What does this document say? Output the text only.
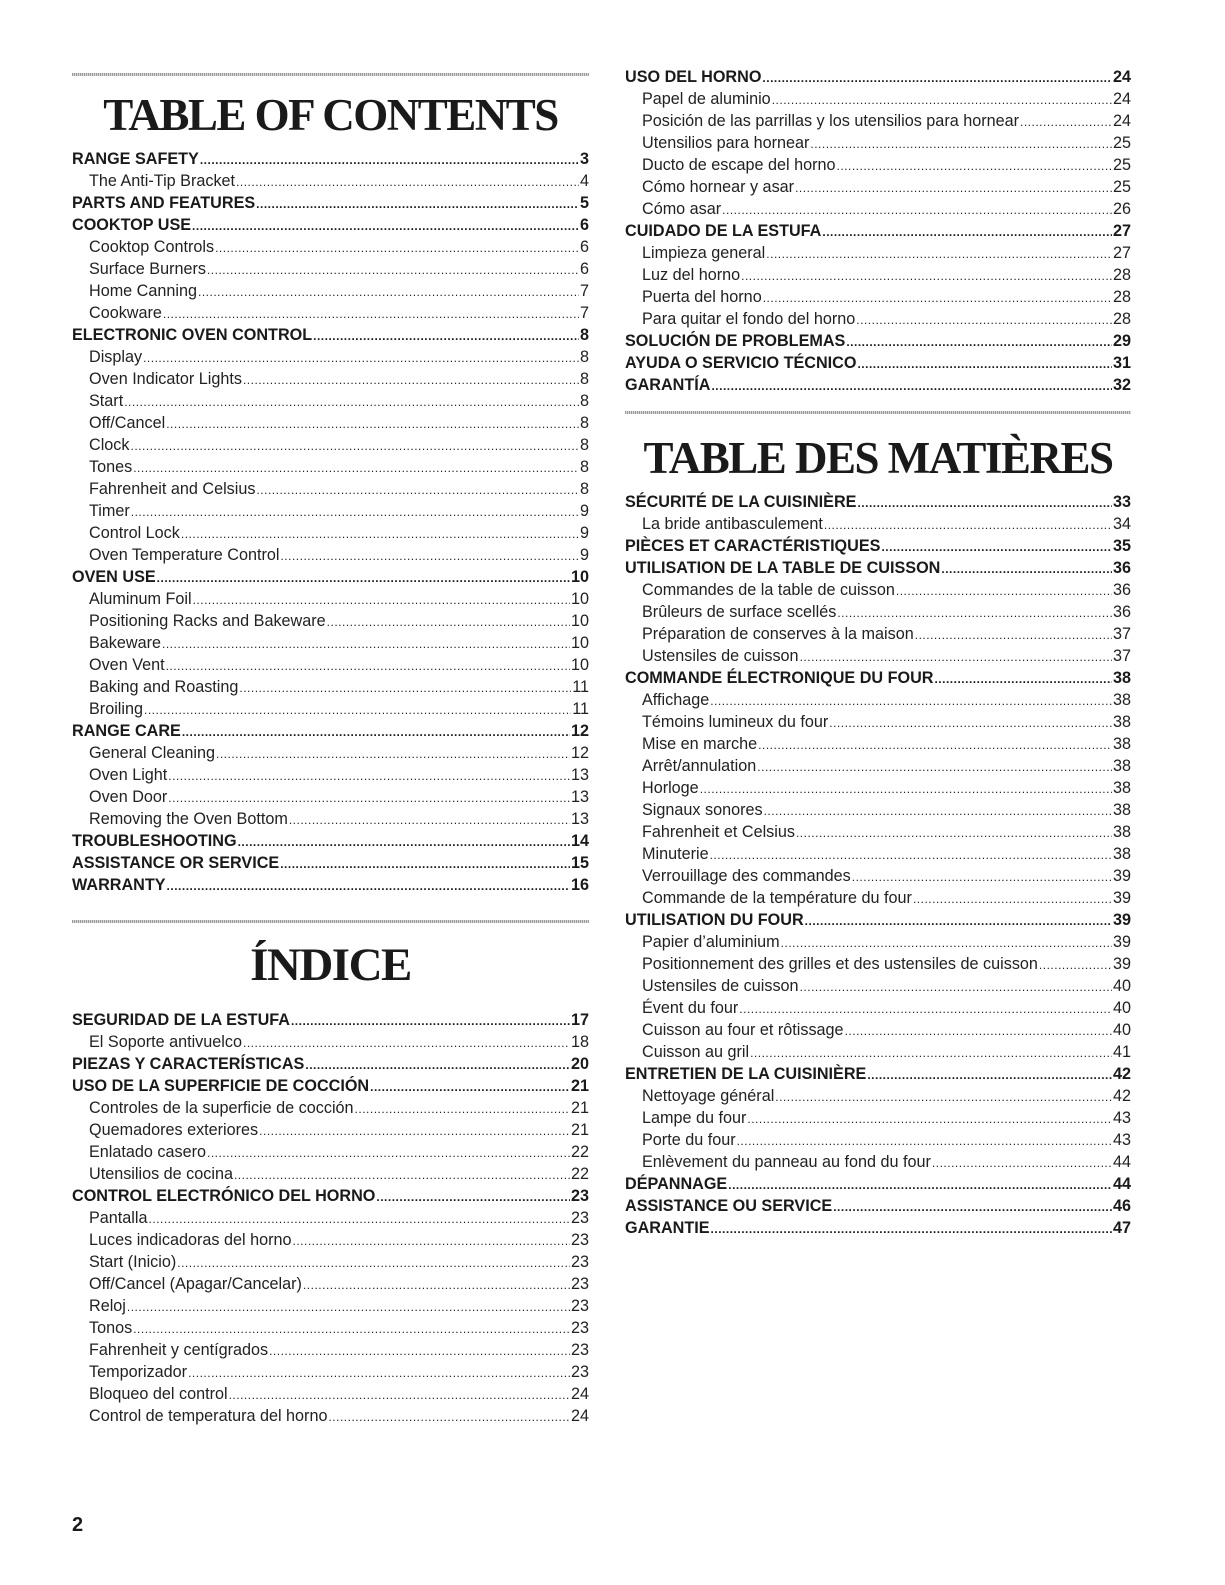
TABLE OF CONTENTS
RANGE SAFETY .....	3
The Anti-Tip Bracket .....	4
PARTS AND FEATURES .....	5
COOKTOP USE .....	6
Cooktop Controls .....	6
Surface Burners .....	6
Home Canning .....	7
Cookware .....	7
ELECTRONIC OVEN CONTROL .....	8
Display .....	8
Oven Indicator Lights .....	8
Start .....	8
Off/Cancel .....	8
Clock .....	8
Tones .....	8
Fahrenheit and Celsius .....	8
Timer .....	9
Control Lock .....	9
Oven Temperature Control .....	9
OVEN USE .....	10
Aluminum Foil .....	10
Positioning Racks and Bakeware .....	10
Bakeware .....	10
Oven Vent .....	10
Baking and Roasting .....	11
Broiling .....	11
RANGE CARE .....	12
General Cleaning .....	12
Oven Light .....	13
Oven Door .....	13
Removing the Oven Bottom .....	13
TROUBLESHOOTING .....	14
ASSISTANCE OR SERVICE .....	15
WARRANTY .....	16
ÍNDICE
SEGURIDAD DE LA ESTUFA .....	17
El Soporte antivuelco .....	18
PIEZAS Y CARACTERÍSTICAS .....	20
USO DE LA SUPERFICIE DE COCCIÓN .....	21
Controles de la superficie de cocción .....	21
Quemadores exteriores .....	21
Enlatado casero .....	22
Utensilios de cocina .....	22
CONTROL ELECTRÓNICO DEL HORNO .....	23
Pantalla .....	23
Luces indicadoras del horno .....	23
Start (Inicio) .....	23
Off/Cancel (Apagar/Cancelar) .....	23
Reloj .....	23
Tonos .....	23
Fahrenheit y centígrados .....	23
Temporizador .....	23
Bloqueo del control .....	24
Control de temperatura del horno .....	24
USO DEL HORNO .....	24
Papel de aluminio .....	24
Posición de las parrillas y los utensilios para hornear .....	24
Utensilios para hornear .....	25
Ducto de escape del horno .....	25
Cómo hornear y asar .....	25
Cómo asar .....	26
CUIDADO DE LA ESTUFA .....	27
Limpieza general .....	27
Luz del horno .....	28
Puerta del horno .....	28
Para quitar el fondo del horno .....	28
SOLUCIÓN DE PROBLEMAS .....	29
AYUDA O SERVICIO TÉCNICO .....	31
GARANTÍA .....	32
TABLE DES MATIÈRES
SÉCURITÉ DE LA CUISINIÈRE .....	33
La bride antibasculement .....	34
PIÈCES ET CARACTÉRISTIQUES .....	35
UTILISATION DE LA TABLE DE CUISSON .....	36
Commandes de la table de cuisson .....	36
Brûleurs de surface scellés .....	36
Préparation de conserves à la maison .....	37
Ustensiles de cuisson .....	37
COMMANDE ÉLECTRONIQUE DU FOUR .....	38
Affichage .....	38
Témoins lumineux du four .....	38
Mise en marche .....	38
Arrêt/annulation .....	38
Horloge .....	38
Signaux sonores .....	38
Fahrenheit et Celsius .....	38
Minuterie .....	38
Verrouillage des commandes .....	39
Commande de la température du four .....	39
UTILISATION DU FOUR .....	39
Papier d’aluminium .....	39
Positionnement des grilles et des ustensiles de cuisson .....	39
Ustensiles de cuisson .....	40
Évent du four .....	40
Cuisson au four et rôtissage .....	40
Cuisson au gril .....	41
ENTRETIEN DE LA CUISINIÈRE .....	42
Nettoyage général .....	42
Lampe du four .....	43
Porte du four .....	43
Enlèvement du panneau au fond du four .....	44
DÉPANNAGE .....	44
ASSISTANCE OU SERVICE .....	46
GARANTIE .....	47
2
